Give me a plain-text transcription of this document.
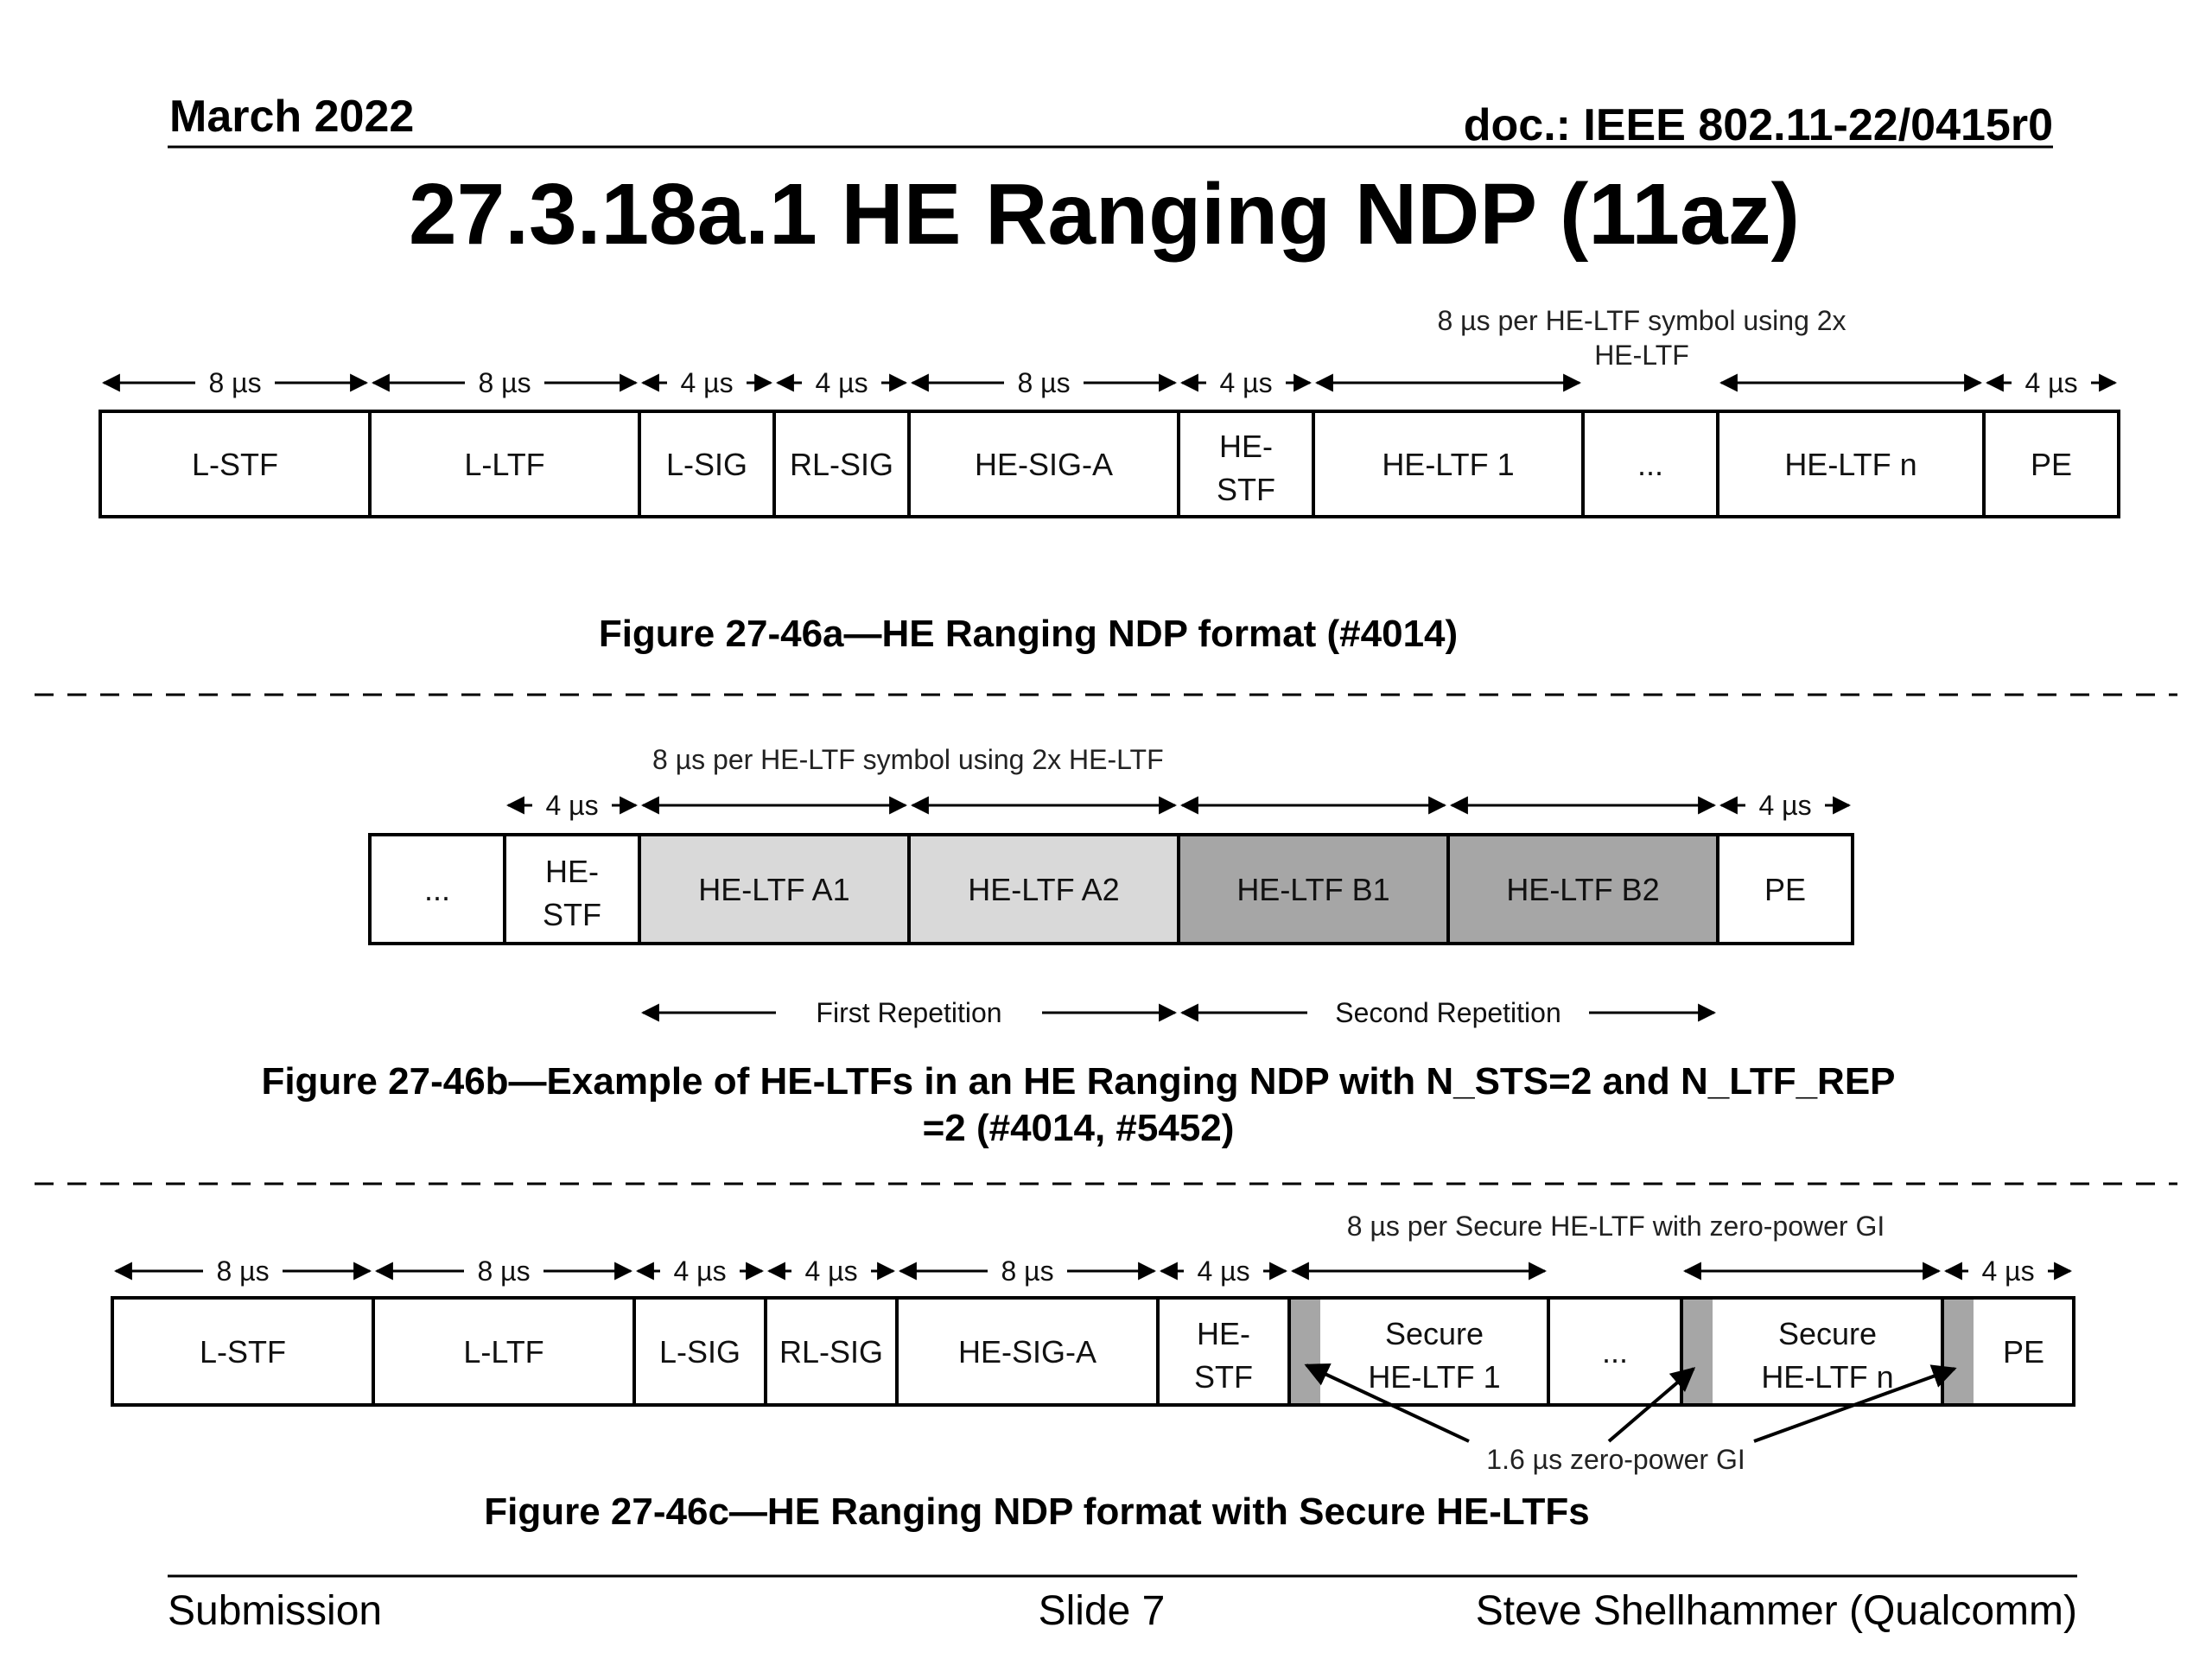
March 2022	doc.: IEEE 802.11-22/0415r0
27.3.18a.1 HE Ranging NDP (11az)
8 µs per HE-LTF symbol using 2x
HE-LTF
Figure 27-46a—HE Ranging NDP format (#4014)
L-STF
8 µs
L-LTF
8 µs
L-SIG
4 µs
RL-SIG
4 µs
HE-SIG-A
8 µs
HE-
STF
4 µs
HE-LTF 1	...	HE-LTF n	PE
4 µs
8 µs per HE-LTF symbol using 2x HE-LTF
Figure 27-46b—Example of HE-LTFs in an HE Ranging NDP with N_STS=2 and N_LTF_REP
=2 (#4014, #5452)
...
HE-
STF
4 µs
HE-LTF A1	HE-LTF A2	HE-LTF B1	HE-LTF B2	PE
4 µs
First Repetition	Second Repetition
8 µs per Secure HE-LTF with zero-power GI
1.6 µs zero-power GI
Figure 27-46c—HE Ranging NDP format with Secure HE-LTFs
L-STF
8 µs
L-LTF
8 µs
L-SIG
4 µs
RL-SIG
4 µs
HE-SIG-A
8 µs
HE-
STF
4 µs
Secure
HE-LTF 1
...
Secure
HE-LTF n
PE
4 µs
Submission	Slide 7	Steve Shellhammer (Qualcomm)
